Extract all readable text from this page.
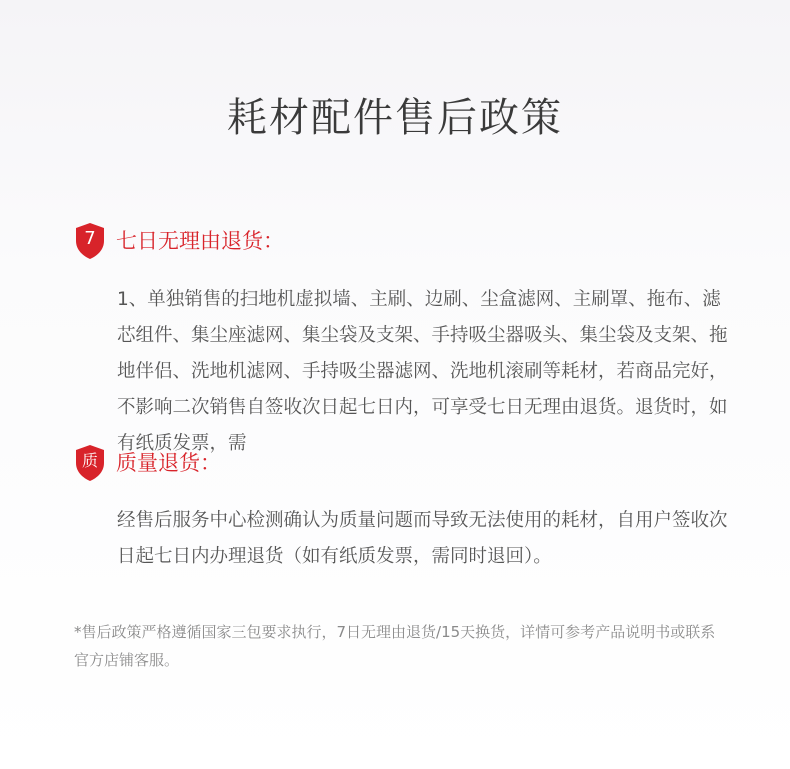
耗材配件售后政策
7 七日无理由退货：
1、单独销售的扫地机虚拟墙、主刷、边刷、尘盒滤网、主刷罩、拖布、滤芯组件、集尘座滤网、集尘袋及支架、手持吸尘器吸头、集尘袋及支架、拖地伴侣、洗地机滤网、手持吸尘器滤网、洗地机滚刷等耗材，若商品完好，不影响二次销售自签收次日起七日内，可享受七日无理由退货。退货时，如有纸质发票，需
质 质量退货：
经售后服务中心检测确认为质量问题而导致无法使用的耗材，自用户签收次日起七日内办理退货（如有纸质发票，需同时退回）。
*售后政策严格遵循国家三包要求执行，7日无理由退货/15天换货，详情可参考产品说明书或联系官方店铺客服。
